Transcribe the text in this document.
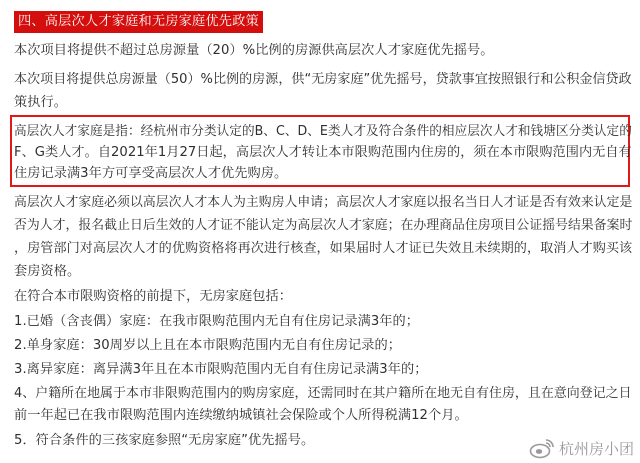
四、高层次人才家庭和无房家庭优先政策
本次项目将提供不超过总房源量（20）%比例的房源供高层次人才家庭优先摇号。
本次项目将提供总房源量（50）%比例的房源，供“无房家庭”优先摇号，贷款事宜按照银行和公积金信贷政
策执行。
高层次人才家庭是指：经杭州市分类认定的B、C、D、E类人才及符合条件的相应层次人才和钱塘区分类认定的
F、G类人才。自2021年1月27日起，高层次人才转让本市限购范围内住房的，须在本市限购范围内无自有
住房记录满3年方可享受高层次人才优先购房。
高层次人才家庭必须以高层次人才本人为主购房人申请；高层次人才家庭以报名当日人才证是否有效来认定是
否为人才，报名截止日后生效的人才证不能认定为高层次人才家庭；在办理商品住房项目公证摇号结果备案时
，房管部门对高层次人才的优购资格将再次进行核查，如果届时人才证已失效且未续期的，取消人才购买该
套房资格。
在符合本市限购资格的前提下，无房家庭包括：
1.已婚（含丧偶）家庭：在我市限购范围内无自有住房记录满3年的；
2.单身家庭：30周岁以上且在本市限购范围内无自有住房记录的；
3.离异家庭：离异满3年且在本市限购范围内无自有住房记录满3年的；
4、户籍所在地属于本市非限购范围内的购房家庭，还需同时在其户籍所在地无自有住房，且在意向登记之日
前一年起已在我市限购范围内连续缴纳城镇社会保险或个人所得税满12个月。
5．符合条件的三孩家庭参照“无房家庭”优先摇号。	杭州房小团
